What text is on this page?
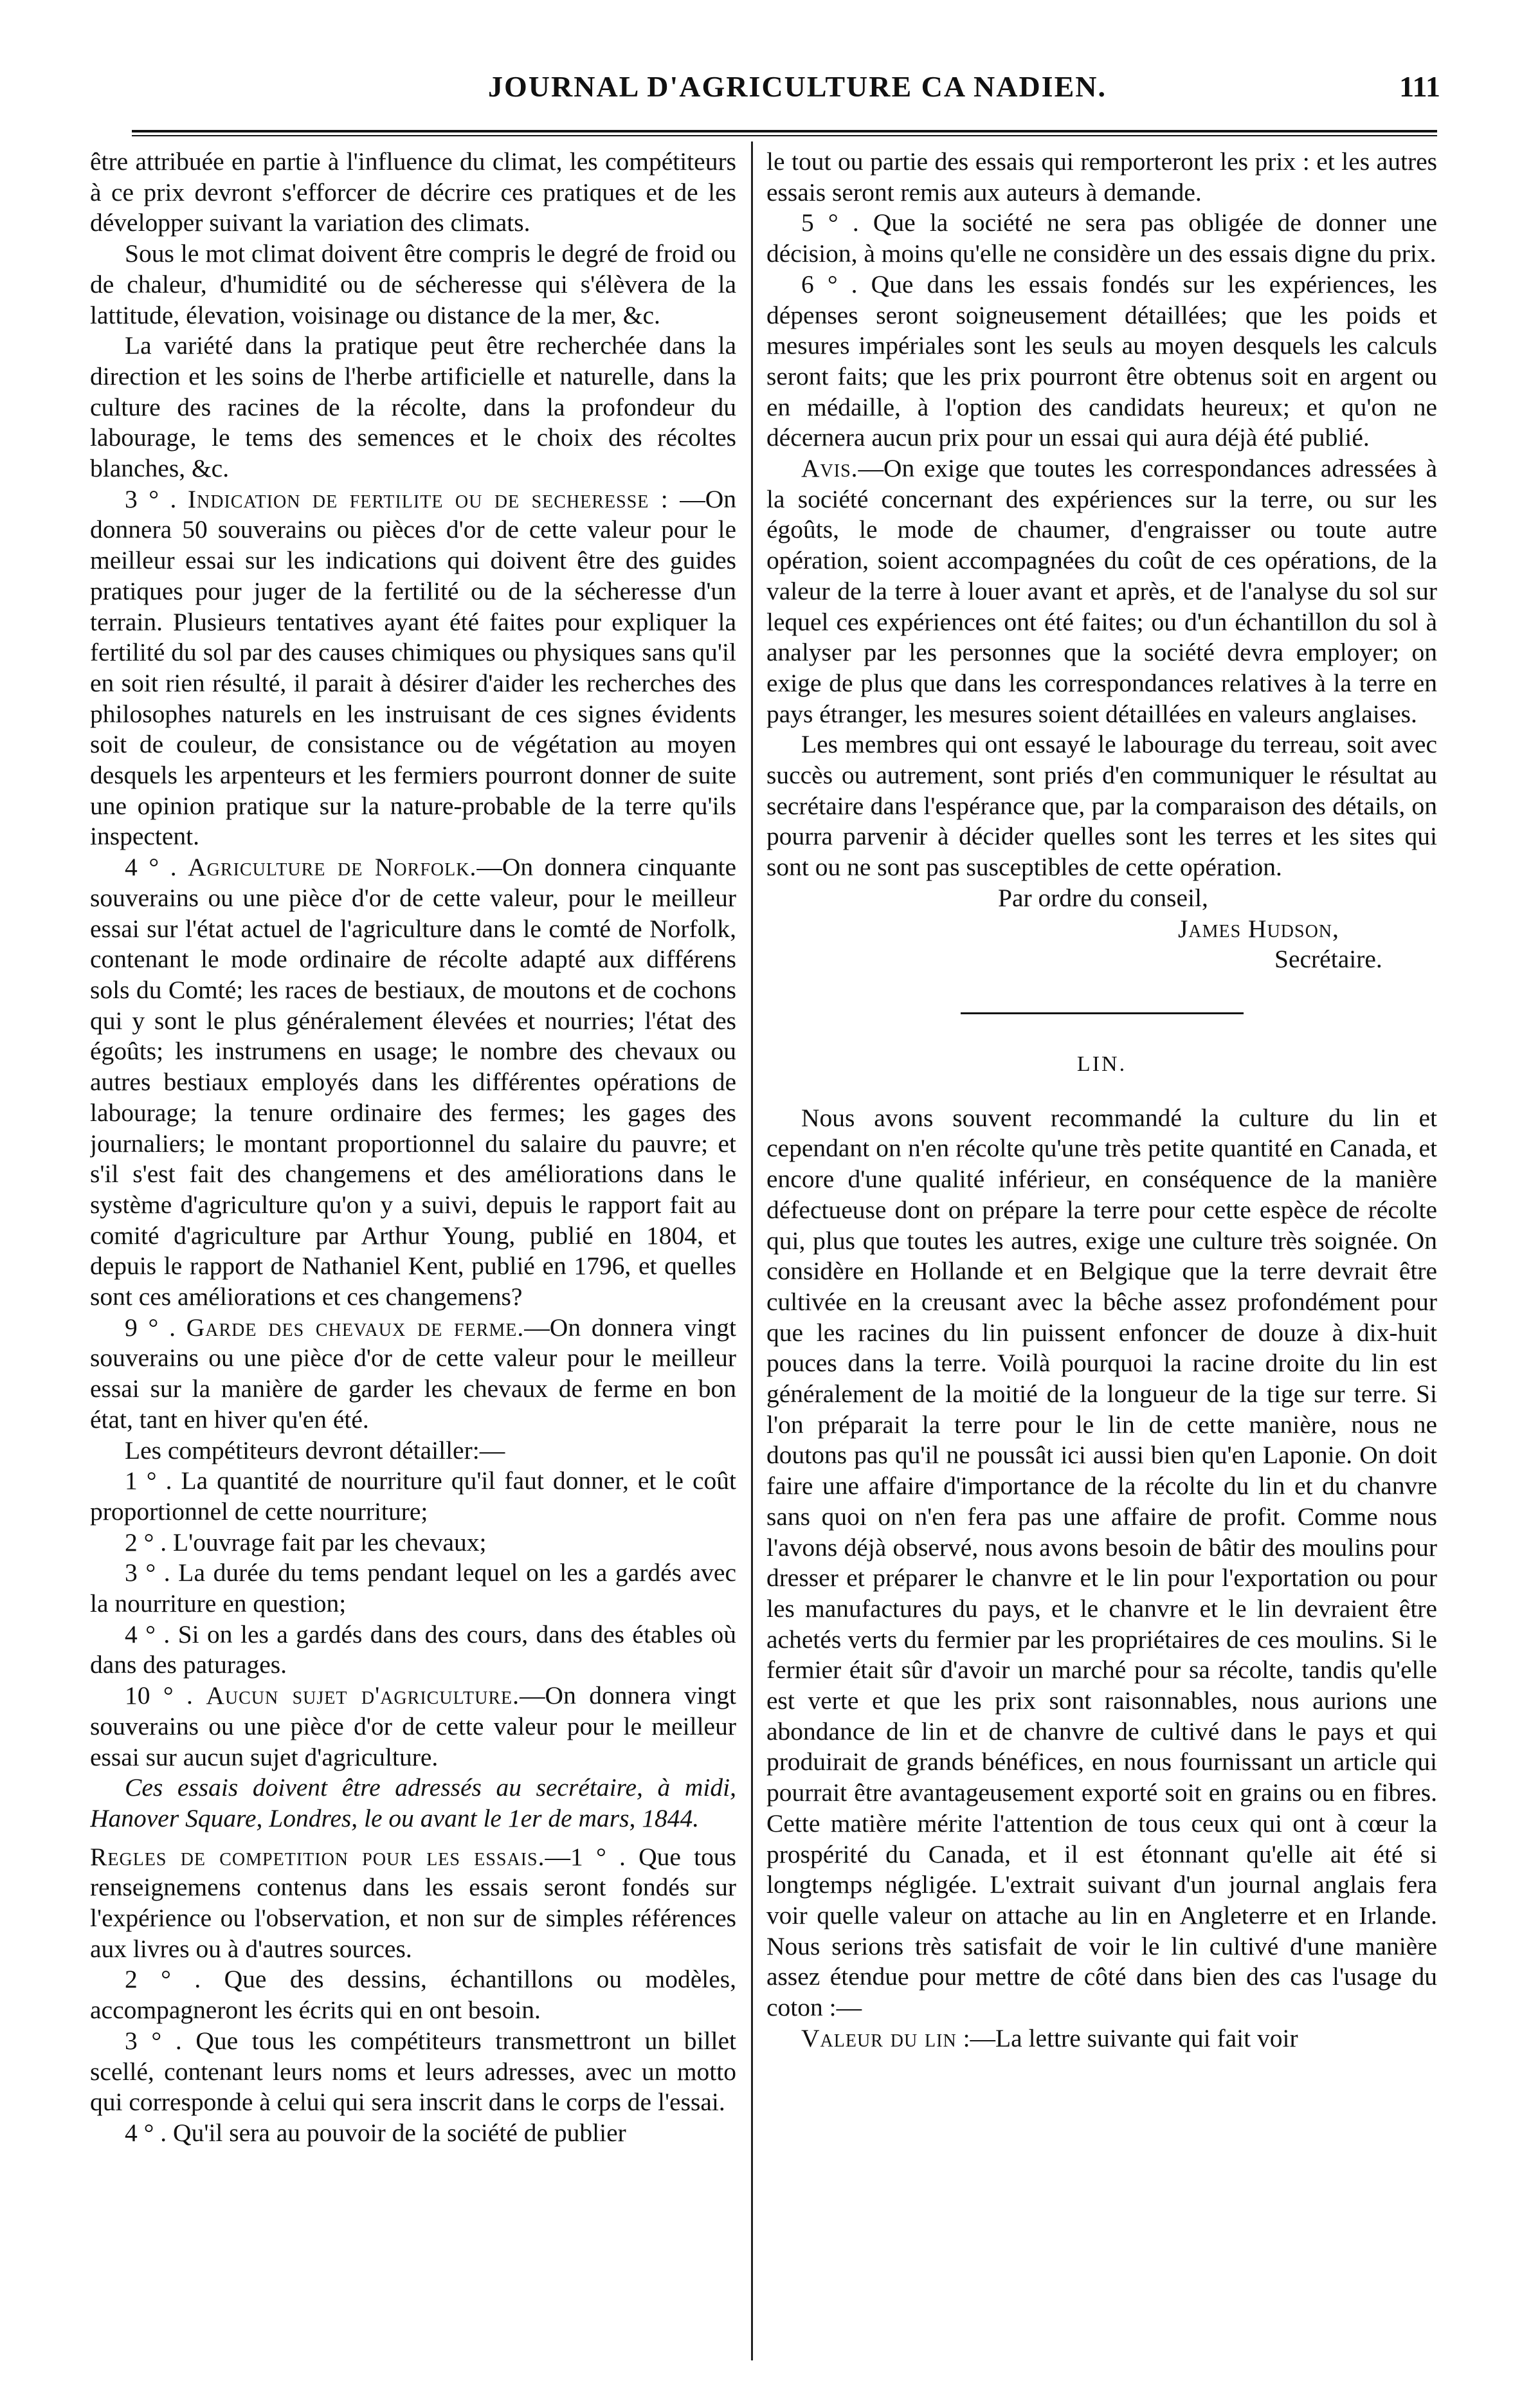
JOURNAL D'AGRICULTURE CA NADIEN.	111

être attribuée en partie à l'influence du climat, les compétiteurs à ce prix devront s'efforcer de décrire ces pratiques et de les développer suivant la variation des climats.

Sous le mot climat doivent être compris le degré de froid ou de chaleur, d'humidité ou de sécheresse qui s'élèvera de la lattitude, élevation, voisinage ou distance de la mer, &c.

La variété dans la pratique peut être recherchée dans la direction et les soins de l'herbe artificielle et naturelle, dans la culture des racines de la récolte, dans la profondeur du labourage, le tems des semences et le choix des récoltes blanches, &c.

3 ° . Indication de fertilite ou de secheresse : —On donnera 50 souverains ou pièces d'or de cette valeur pour le meilleur essai sur les indications qui doivent être des guides pratiques pour juger de la fertilité ou de la sécheresse d'un terrain. Plusieurs tentatives ayant été faites pour expliquer la fertilité du sol par des causes chimiques ou physiques sans qu'il en soit rien résulté, il parait à désirer d'aider les recherches des philosophes naturels en les instruisant de ces signes évidents soit de couleur, de consistance ou de végétation au moyen desquels les arpenteurs et les fermiers pourront donner de suite une opinion pratique sur la nature-probable de la terre qu'ils inspectent.

4 ° . Agriculture de Norfolk.—On donnera cinquante souverains ou une pièce d'or de cette valeur, pour le meilleur essai sur l'état actuel de l'agriculture dans le comté de Norfolk, contenant le mode ordinaire de récolte adapté aux différens sols du Comté; les races de bestiaux, de moutons et de cochons qui y sont le plus généralement élevées et nourries; l'état des égoûts; les instrumens en usage; le nombre des chevaux ou autres bestiaux employés dans les différentes opérations de labourage; la tenure ordinaire des fermes; les gages des journaliers; le montant proportionnel du salaire du pauvre; et s'il s'est fait des changemens et des améliorations dans le système d'agriculture qu'on y a suivi, depuis le rapport fait au comité d'agriculture par Arthur Young, publié en 1804, et depuis le rapport de Nathaniel Kent, publié en 1796, et quelles sont ces améliorations et ces changemens?

9 ° . Garde des chevaux de ferme.—On donnera vingt souverains ou une pièce d'or de cette valeur pour le meilleur essai sur la manière de garder les chevaux de ferme en bon état, tant en hiver qu'en été.

Les compétiteurs devront détailler:—

1 ° . La quantité de nourriture qu'il faut donner, et le coût proportionnel de cette nourriture;

2 ° . L'ouvrage fait par les chevaux;

3 ° . La durée du tems pendant lequel on les a gardés avec la nourriture en question;

4 ° . Si on les a gardés dans des cours, dans des étables où dans des paturages.

10 ° . Aucun sujet d'agriculture.—On donnera vingt souverains ou une pièce d'or de cette valeur pour le meilleur essai sur aucun sujet d'agriculture.

Ces essais doivent être adressés au secrétaire, à midi, Hanover Square, Londres, le ou avant le 1er de mars, 1844.

Regles de competition pour les essais.—1 ° . Que tous renseignemens contenus dans les essais seront fondés sur l'expérience ou l'observation, et non sur de simples références aux livres ou à d'autres sources.

2 ° . Que des dessins, échantillons ou modèles, accompagneront les écrits qui en ont besoin.

3 ° . Que tous les compétiteurs transmettront un billet scellé, contenant leurs noms et leurs adresses, avec un motto qui corresponde à celui qui sera inscrit dans le corps de l'essai.

4 ° . Qu'il sera au pouvoir de la société de publier

le tout ou partie des essais qui remporteront les prix : et les autres essais seront remis aux auteurs à demande.

5 ° . Que la société ne sera pas obligée de donner une décision, à moins qu'elle ne considère un des essais digne du prix.

6 ° . Que dans les essais fondés sur les expériences, les dépenses seront soigneusement détaillées; que les poids et mesures impériales sont les seuls au moyen desquels les calculs seront faits; que les prix pourront être obtenus soit en argent ou en médaille, à l'option des candidats heureux; et qu'on ne décernera aucun prix pour un essai qui aura déjà été publié.

Avis.—On exige que toutes les correspondances adressées à la société concernant des expériences sur la terre, ou sur les égoûts, le mode de chaumer, d'engraisser ou toute autre opération, soient accompagnées du coût de ces opérations, de la valeur de la terre à louer avant et après, et de l'analyse du sol sur lequel ces expériences ont été faites; ou d'un échantillon du sol à analyser par les personnes que la société devra employer; on exige de plus que dans les correspondances relatives à la terre en pays étranger, les mesures soient détaillées en valeurs anglaises.

Les membres qui ont essayé le labourage du terreau, soit avec succès ou autrement, sont priés d'en communiquer le résultat au secrétaire dans l'espérance que, par la comparaison des détails, on pourra parvenir à décider quelles sont les terres et les sites qui sont ou ne sont pas susceptibles de cette opération.

Par ordre du conseil,

James Hudson,

Secrétaire.

LIN.

Nous avons souvent recommandé la culture du lin et cependant on n'en récolte qu'une très petite quantité en Canada, et encore d'une qualité inférieur, en conséquence de la manière défectueuse dont on prépare la terre pour cette espèce de récolte qui, plus que toutes les autres, exige une culture très soignée. On considère en Hollande et en Belgique que la terre devrait être cultivée en la creusant avec la bêche assez profondément pour que les racines du lin puissent enfoncer de douze à dix-huit pouces dans la terre. Voilà pourquoi la racine droite du lin est généralement de la moitié de la longueur de la tige sur terre. Si l'on préparait la terre pour le lin de cette manière, nous ne doutons pas qu'il ne poussât ici aussi bien qu'en Laponie. On doit faire une affaire d'importance de la récolte du lin et du chanvre sans quoi on n'en fera pas une affaire de profit. Comme nous l'avons déjà observé, nous avons besoin de bâtir des moulins pour dresser et préparer le chanvre et le lin pour l'exportation ou pour les manufactures du pays, et le chanvre et le lin devraient être achetés verts du fermier par les propriétaires de ces moulins. Si le fermier était sûr d'avoir un marché pour sa récolte, tandis qu'elle est verte et que les prix sont raisonnables, nous aurions une abondance de lin et de chanvre de cultivé dans le pays et qui produirait de grands bénéfices, en nous fournissant un article qui pourrait être avantageusement exporté soit en grains ou en fibres. Cette matière mérite l'attention de tous ceux qui ont à cœur la prospérité du Canada, et il est étonnant qu'elle ait été si longtemps négligée. L'extrait suivant d'un journal anglais fera voir quelle valeur on attache au lin en Angleterre et en Irlande. Nous serions très satisfait de voir le lin cultivé d'une manière assez étendue pour mettre de côté dans bien des cas l'usage du coton :—

Valeur du lin :—La lettre suivante qui fait voir
